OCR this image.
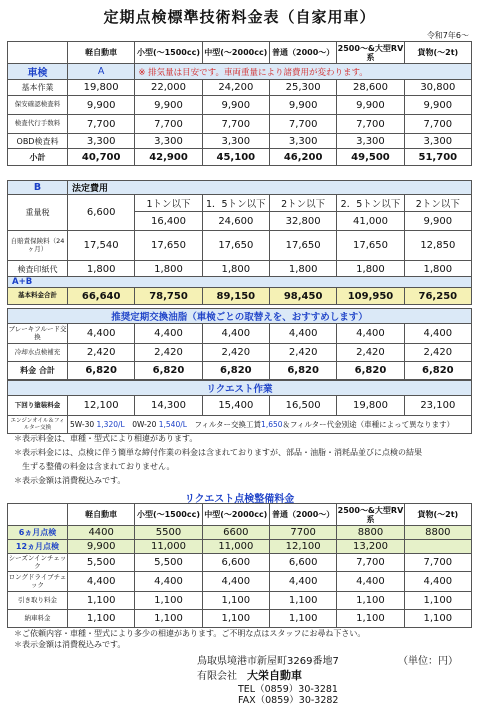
定期点検標準技術料金表（自家用車）
令和7年6～
	軽自動車	小型(～1500cc)	中型(～2000cc)	普通（2000～）	2500～&大型RV系	貨物(～2t)
車検	A	※ 排気量は目安です。車両重量により諸費用が変わります。				
基本作業	19,800	22,000	24,200	25,300	28,600	30,800
保安確認検査料	9,900	9,900	9,900	9,900	9,900	9,900
検査代行手数料	7,700	7,700	7,700	7,700	7,700	7,700
OBD検査料	3,300	3,300	3,300	3,300	3,300	3,300
小計	40,700	42,900	45,100	46,200	49,500	51,700
B	法定費用					
重量税	6,600	1トン以下	1．5トン以下	2トン以下	2．5トン以下	2トン以下
		16,400	24,600	32,800	41,000	9,900
自賠責保険料（24ヶ月）	17,540	17,650	17,650	17,650	17,650	12,850
検査印紙代	1,800	1,800	1,800	1,800	1,800	1,800
合計	25,940	35,850	44,050	52,250	60,450	24,550
A+B
基本料金合計	66,640	78,750	89,150	98,450	109,950	76,250
推奨定期交換油脂（車検ごとの取替えを、おすすめします）						
ブレーキフルード交換	4,400	4,400	4,400	4,400	4,400	4,400
冷却水点検補充	2,420	2,420	2,420	2,420	2,420	2,420
料金 合計	6,820	6,820	6,820	6,820	6,820	6,820
リクエスト作業						
下回り塗装料金	12,100	14,300	15,400	16,500	19,800	23,100
エンジンオイル＆フィルター交換	5W-30 1,320/L　 0W-20 1,540/L　 フィルター交換工賃1,650＆フィルター代金別途（車種によって異なります）					
＊表示料金は、車種・型式により相違があります。
＊表示料金には、点検に伴う簡単な締付作業の料金は含まれておりますが、部品・油脂・消耗品並びに点検の結果
　生ずる整備の料金は含まれておりません。
＊表示金額は消費税込みです。
リクエスト点検整備料金
	軽自動車	小型(～1500cc)	中型(～2000cc)	普通（2000～）	2500～&大型RV系	貨物(～2t)
6ヵ月点検	4400	5500	6600	7700	8800	8800
12ヵ月点検	9,900	11,000	11,000	12,100	13,200	
シーズンインチェック	5,500	5,500	6,600	6,600	7,700	7,700
ロングドライブチェック	4,400	4,400	4,400	4,400	4,400	4,400
引き取り料金	1,100	1,100	1,100	1,100	1,100	1,100
納車料金	1,100	1,100	1,100	1,100	1,100	1,100
＊ご依頼内容・車種・型式により多少の相違があります。ご不明な点はスタッフにお尋ね下さい。
＊表示金額は消費税込みです。
鳥取県境港市新屋町3269番地7	（単位：円）
有限会社　 大栄自動車
TEL（0859）30-3281
FAX（0859）30-3282
